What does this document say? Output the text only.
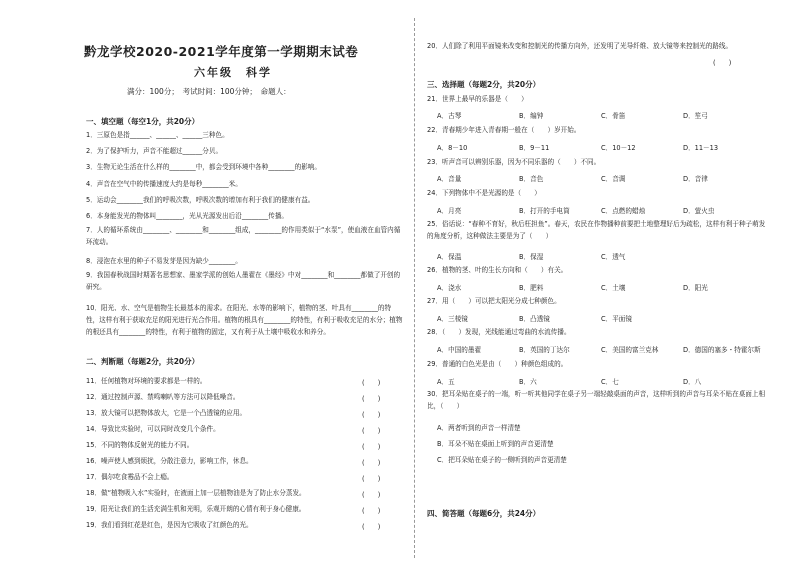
黔龙学校2020-2021学年度第一学期期末试卷
六年级　科学
满分：100分；　考试时间：100分钟；　命题人：
一、填空题（每空1分，共20分）
1．三原色是指______、______、______三种色。
2．为了保护听力，声音不能超过______分贝。
3．生物无论生活在什么样的________中，都会受到环境中各种________的影响。
4．声音在空气中的传播速度大约是每秒________米。
5．运动会________我们的呼吸次数，呼吸次数的增加有利于我们的健康有益。
6．本身能发光的物体叫________，光从光源发出后沿________传播。
7．人的循环系统由________、________和________组成，________的作用类似于“水泵”，使血液在血管内循环流动。
8．浸泡在水里的种子不易发芽是因为缺少________。
9．我国春秋战国时期著名思想家、墨家学派的创始人墨翟在《墨经》中对________和________都做了开创的研究。
10．阳光、水、空气是植物生长最基本的需求。在阳光、水等的影响下，植物的茎、叶具有________的特性，这样有利于获取充足的阳光进行光合作用。植物的根具有________的特性，有利于吸收充足的水分；植物的根还具有________的特性，有利于植物的固定，又有利于从土壤中吸收水和养分。
二、判断题（每题2分，共20分）
11．任何植物对环境的要求都是一样的。	(　　)
12．通过控制声源、禁鸣喇叭等方法可以降低噪音。	(　　)
13．放大镜可以把物体放大，它是一个凸透镜的应用。	(　　)
14．导致比实验时，可以同时改变几个条件。	(　　)
15．不同的物体反射光的能力不同。	(　　)
16．噪声使人感到烦扰，分散注意力，影响工作，休息。	(　　)
17．偶尔吃食霉品不会上瘾。	(　　)
18．做“植物吸入水”实验时，在液面上加一层植物油是为了防止水分蒸发。	(　　)
19．阳光让我们的生活充满生机和光明，乐观开朗的心情有利于身心健康。	(　　)
19．我们看到红花是红色，是因为它吸收了红颜色的光。	(　　)
20．人们除了利用平面镜来改变和控制光的传播方向外，还发明了光导纤维、放大镜等来控制光的路线。
(　　)
三、选择题（每题2分，共20分）
21．世界上最早的乐器是（　　）
A．古琴	B．编钟	C．骨笛	D．笙弓
22．青春期少年进入青春期一般在（　　）岁开始。
A．8－10	B．9－11	C．10－12	D．11－13
23．听声音可以辨别乐器，因为不同乐器的（　　）不同。
A．音量	B．音色	C．音调	D．音律
24．下列物体中不是光源的是（　　）
A．月亮	B．打开的手电筒	C．点燃的蜡烛	D．萤火虫
25．俗话说：“春种不育好，秋后枉担鱼”。春天，农民在作物播种前要把土地整理好后为疏松，这样有利于种子萌发的角度分析，这种做法主要是为了（　　）
A．保温	B．保湿	C．透气
26．植物的茎、叶的生长方向和（　　）有关。
A．浇水	B．肥料	C．土壤	D．阳光
27．用（　　）可以把太阳光分成七种颜色。
A．三棱镜	B．凸透镜	C．平面镜
28．（　　）发现，光线能通过弯曲的水流传播。
A．中国的墨翟	B．英国的丁达尔	C．美国的富兰克林	D．德国的塞多・特霍尔斯
29．普通的白色光是由（　　）种颜色组成的。
A．五	B．六	C．七	D．八
30．把耳朵贴在桌子的一端，听一听其他同学在桌子另一端轻敲桌面的声音，这样听到的声音与耳朵不贴在桌面上相比，（　　）
A．两者听到的声音一样清楚
B．耳朵不贴在桌面上听到的声音更清楚
C．把耳朵贴在桌子的一侧听到的声音更清楚
四、简答题（每题6分，共24分）
